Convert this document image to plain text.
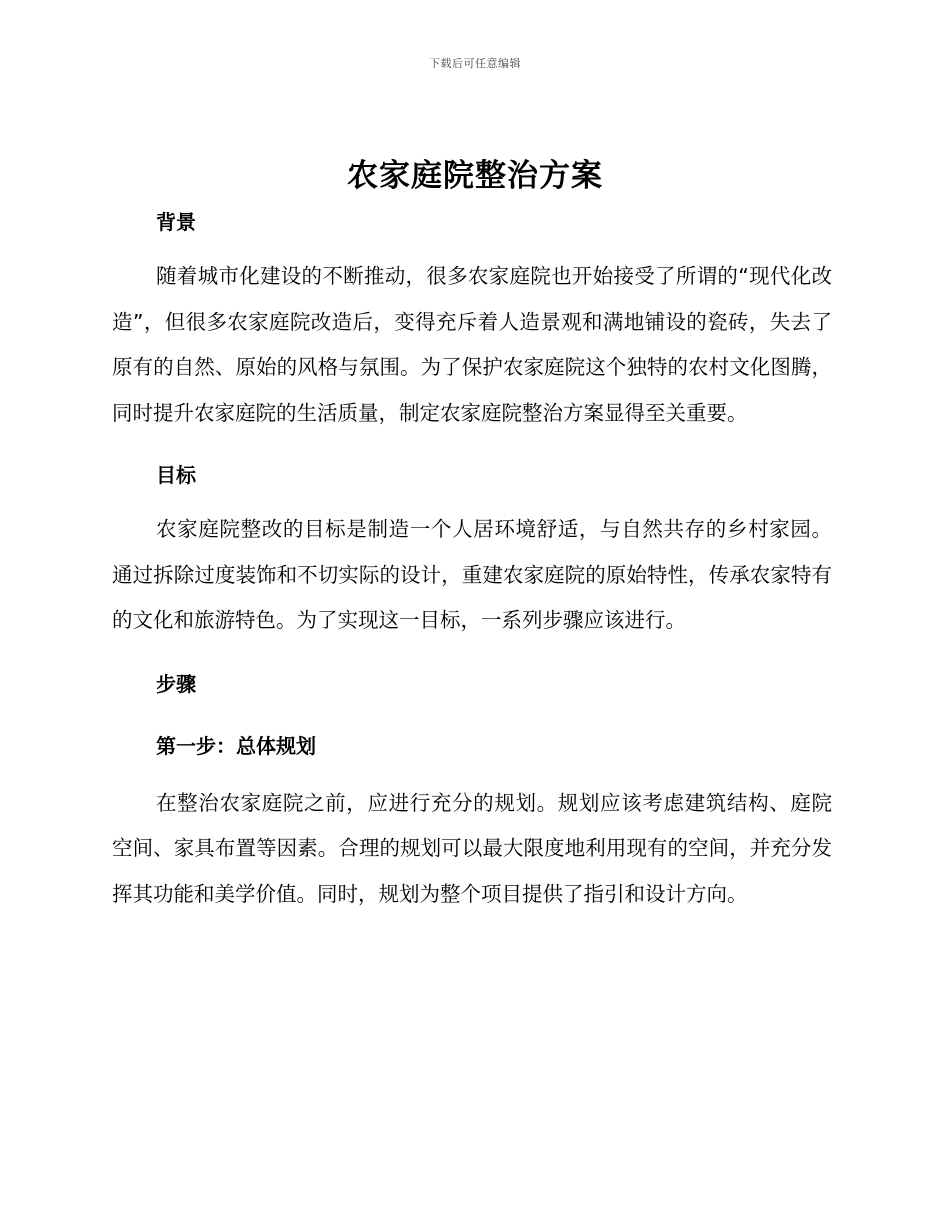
下载后可任意编辑
农家庭院整治方案
背景

随着城市化建设的不断推动，很多农家庭院也开始接受了所谓的“现代化改造”，但很多农家庭院改造后，变得充斥着人造景观和满地铺设的瓷砖，失去了原有的自然、原始的风格与氛围。为了保护农家庭院这个独特的农村文化图腾，同时提升农家庭院的生活质量，制定农家庭院整治方案显得至关重要。

目标

农家庭院整改的目标是制造一个人居环境舒适，与自然共存的乡村家园。通过拆除过度装饰和不切实际的设计，重建农家庭院的原始特性，传承农家特有的文化和旅游特色。为了实现这一目标，一系列步骤应该进行。

步骤
第一步：总体规划

在整治农家庭院之前，应进行充分的规划。规划应该考虑建筑结构、庭院空间、家具布置等因素。合理的规划可以最大限度地利用现有的空间，并充分发挥其功能和美学价值。同时，规划为整个项目提供了指引和设计方向。
